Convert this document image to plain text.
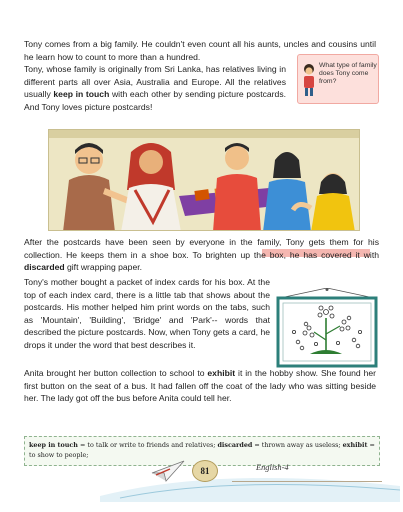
Tony comes from a big family. He couldn't even count all his aunts, uncles and cousins until he learn how to count to more than a hundred.
Tony, whose family is originally from Sri Lanka, has relatives living in different parts all over Asia, Australia and Europe. All the relatives usually keep in touch with each other by sending picture postcards. And Tony loves picture postcards!
What type of family does Tony come from?
After the postcards have been seen by everyone in the family, Tony gets them for his collection. He keeps them in a shoe box. To brighten up the box, he has covered it with discarded gift wrapping paper.
Tony's mother bought a packet of index cards for his box. At the top of each index card, there is a little tab that shows about the postcards. His mother helped him print words on the tabs, such as 'Mountain', 'Building', 'Bridge' and 'Park'-- words that described the picture postcards. Now, when Tony gets a card, he drops it under the word that best describes it.
Anita brought her button collection to school to exhibit it in the hobby show. She found her first button on the seat of a bus. It had fallen off the coat of the lady who was sitting beside her. The lady got off the bus before Anita could tell her.
keep in touch = to talk or write to friends and relatives; discarded = thrown away as useless; exhibit = to show to people;
81	English-4
